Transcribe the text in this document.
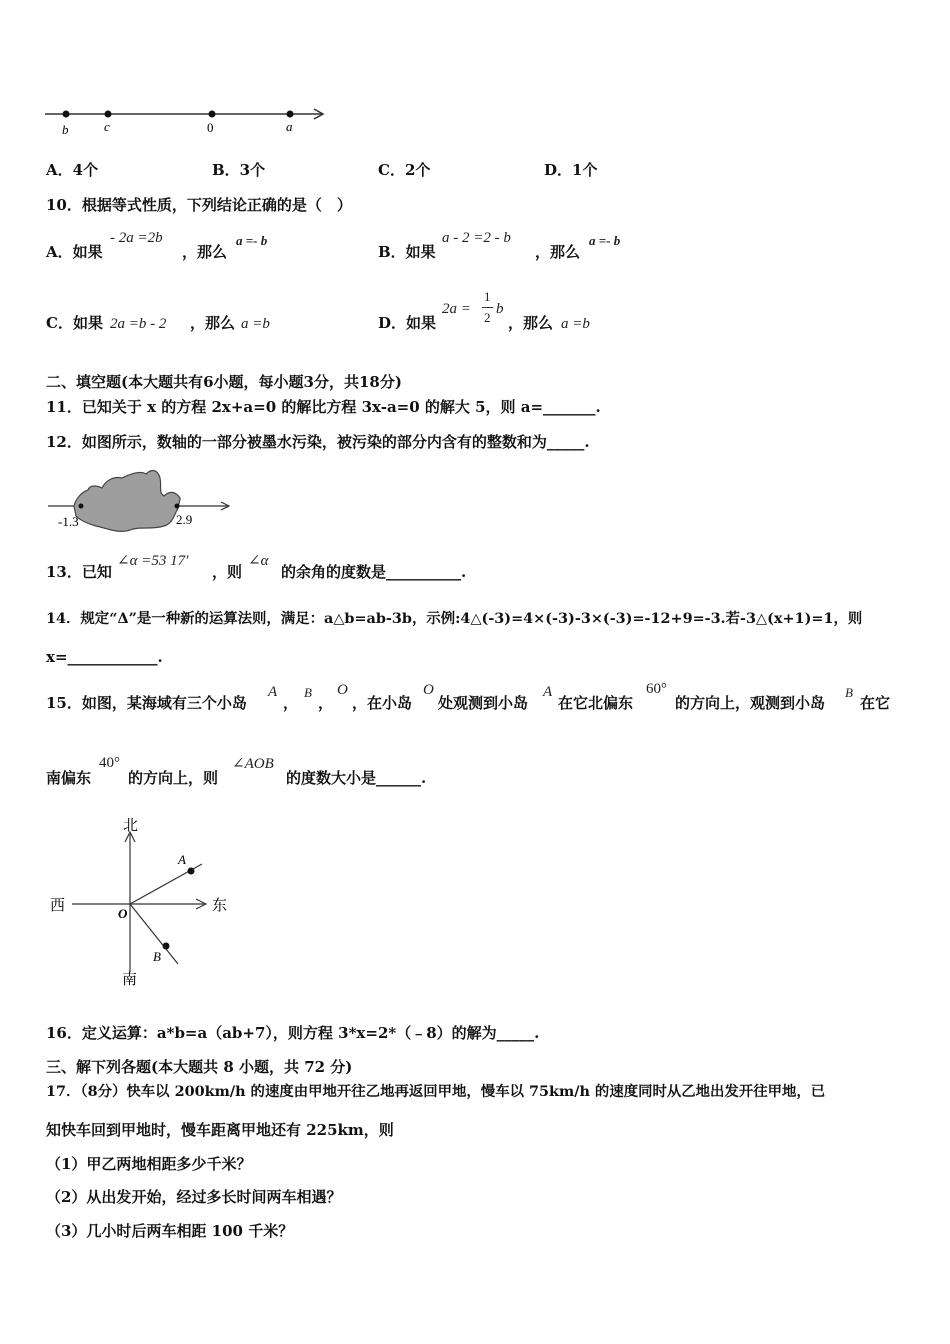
b	c	0	a
A．4个	B．3个	C．2个	D．1个
10．根据等式性质，下列结论正确的是（　）
A．如果
- 2a =2b
，那么
a =- b
B．如果
a - 2 =2 - b
，那么
a =- b
C．如果 2a =b - 2 ，那么 a =b	D．如果
2a =
1
2
b
，那么 a =b
二、填空题(本大题共有6小题，每小题3分，共18分)
11．已知关于 x 的方程 2x+a=0 的解比方程 3x-a=0 的解大 5，则 a=_______.
12．如图所示，数轴的一部分被墨水污染，被污染的部分内含有的整数和为_____.
-1.3	2.9
13．已知
∠α =53 17′
，则
∠α
的余角的度数是__________.
14．规定“Δ”是一种新的运算法则，满足：a△b=ab-3b，示例:4△(-3)=4×(-3)-3×(-3)=-12+9=-3.若-3△(x+1)=1，则
x=____________.
15．如图，某海域有三个小岛
A
，
B
，
O
，在小岛
O
处观测到小岛
A
在它北偏东
60°
的方向上，观测到小岛
B
在它
南偏东
40°
的方向上，则
∠AOB
的度数大小是______.
北
南
东
西	O
A
B
16．定义运算：a*b=a（ab+7），则方程 3*x=2*（﹣8）的解为_____.
三、解下列各题(本大题共 8 小题，共 72 分)
17．（8分）快车以 200km/h 的速度由甲地开往乙地再返回甲地，慢车以 75km/h 的速度同时从乙地出发开往甲地，已
知快车回到甲地时，慢车距离甲地还有 225km，则
（1）甲乙两地相距多少千米？
（2）从出发开始，经过多长时间两车相遇？
（3）几小时后两车相距 100 千米？
